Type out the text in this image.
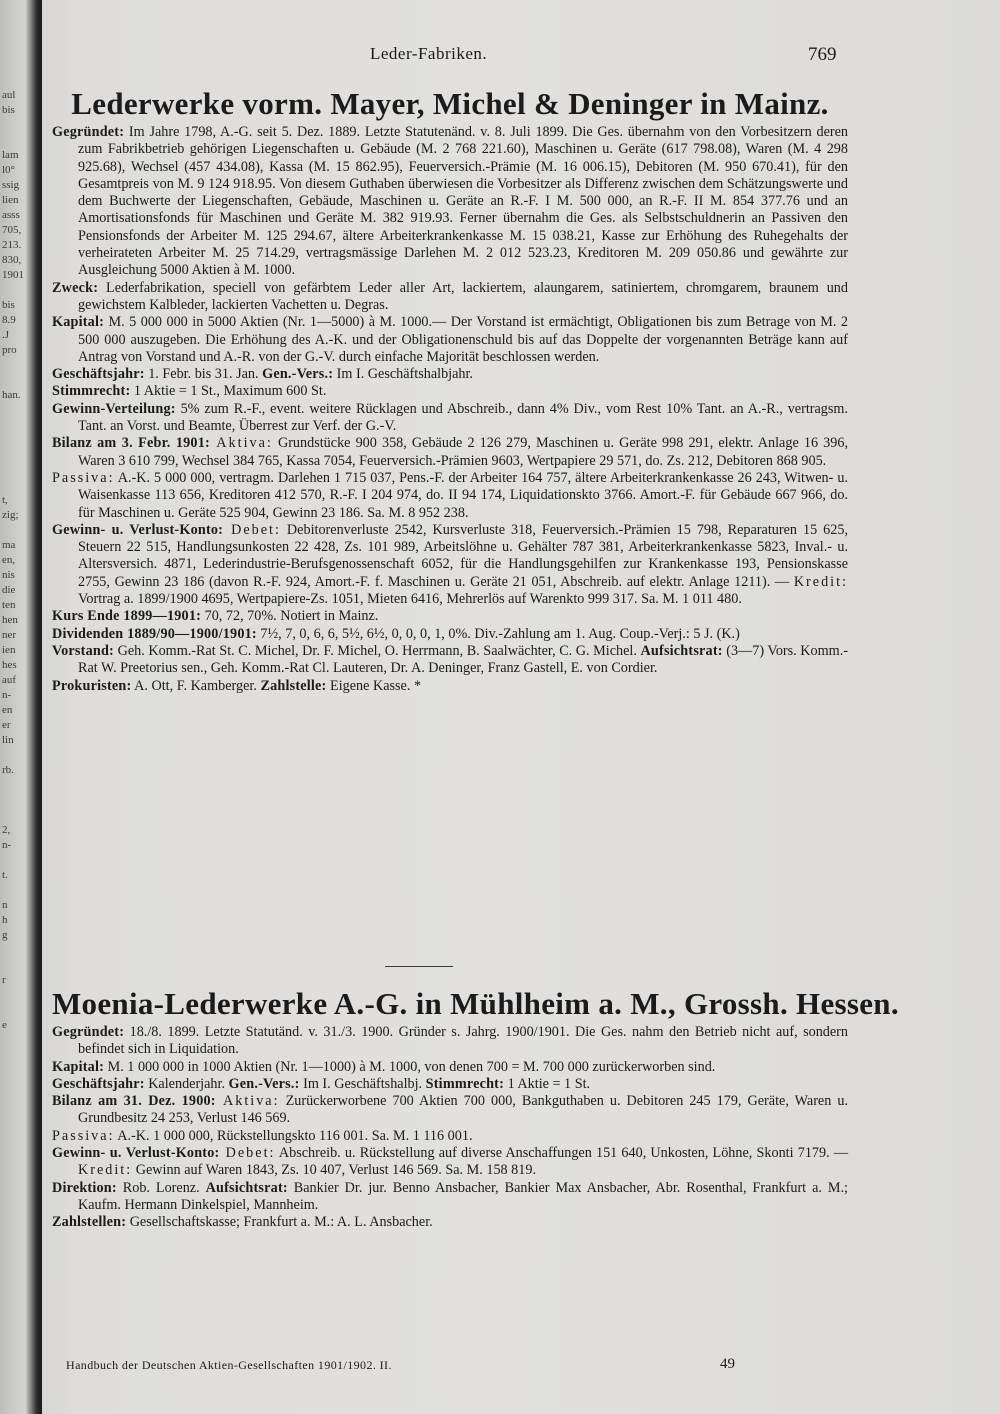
aul
bis

lam
l0°
ssig
lien
asss
705,
213.
830,
1901

bis
8.9
.J
pro

han.

t,
zig;

ma
en,
nis
die
ten
hen
ner
ien
hes
auf
n-
en
er
lin

rb.

2,
n-

t.

n
h
g

r

e
Leder-Fabriken.	769
Lederwerke vorm. Mayer, Michel & Deninger in Mainz.

Gegründet: Im Jahre 1798, A.-G. seit 5. Dez. 1889. Letzte Statutenänd. v. 8. Juli 1899. Die Ges. übernahm von den Vorbesitzern deren zum Fabrikbetrieb gehörigen Liegenschaften u. Gebäude (M. 2 768 221.60), Maschinen u. Geräte (617 798.08), Waren (M. 4 298 925.68), Wechsel (457 434.08), Kassa (M. 15 862.95), Feuerversich.-Prämie (M. 16 006.15), Debitoren (M. 950 670.41), für den Gesamtpreis von M. 9 124 918.95. Von diesem Guthaben überwiesen die Vorbesitzer als Differenz zwischen dem Schätzungswerte und dem Buchwerte der Liegenschaften, Gebäude, Maschinen u. Geräte an R.-F. I M. 500 000, an R.-F. II M. 854 377.76 und an Amortisationsfonds für Maschinen und Geräte M. 382 919.93. Ferner übernahm die Ges. als Selbstschuldnerin an Passiven den Pensionsfonds der Arbeiter M. 125 294.67, ältere Arbeiterkrankenkasse M. 15 038.21, Kasse zur Erhöhung des Ruhegehalts der verheirateten Arbeiter M. 25 714.29, vertragsmässige Darlehen M. 2 012 523.23, Kreditoren M. 209 050.86 und gewährte zur Ausgleichung 5000 Aktien à M. 1000.

Zweck: Lederfabrikation, speciell von gefärbtem Leder aller Art, lackiertem, alaungarem, satiniertem, chromgarem, braunem und gewichstem Kalbleder, lackierten Vachetten u. Degras.

Kapital: M. 5 000 000 in 5000 Aktien (Nr. 1—5000) à M. 1000.— Der Vorstand ist ermächtigt, Obligationen bis zum Betrage von M. 2 500 000 auszugeben. Die Erhöhung des A.-K. und der Obligationenschuld bis auf das Doppelte der vorgenannten Beträge kann auf Antrag von Vorstand und A.-R. von der G.-V. durch einfache Majorität beschlossen werden.

Geschäftsjahr: 1. Febr. bis 31. Jan. Gen.-Vers.: Im I. Geschäftshalbjahr.

Stimmrecht: 1 Aktie = 1 St., Maximum 600 St.

Gewinn-Verteilung: 5% zum R.-F., event. weitere Rücklagen und Abschreib., dann 4% Div., vom Rest 10% Tant. an A.-R., vertragsm. Tant. an Vorst. und Beamte, Überrest zur Verf. der G.-V.

Bilanz am 3. Febr. 1901: Aktiva: Grundstücke 900 358, Gebäude 2 126 279, Maschinen u. Geräte 998 291, elektr. Anlage 16 396, Waren 3 610 799, Wechsel 384 765, Kassa 7054, Feuerversich.-Prämien 9603, Wertpapiere 29 571, do. Zs. 212, Debitoren 868 905.

Passiva: A.-K. 5 000 000, vertragm. Darlehen 1 715 037, Pens.-F. der Arbeiter 164 757, ältere Arbeiterkrankenkasse 26 243, Witwen- u. Waisenkasse 113 656, Kreditoren 412 570, R.-F. I 204 974, do. II 94 174, Liquidationskto 3766. Amort.-F. für Gebäude 667 966, do. für Maschinen u. Geräte 525 904, Gewinn 23 186. Sa. M. 8 952 238.

Gewinn- u. Verlust-Konto: Debet: Debitorenverluste 2542, Kursverluste 318, Feuerversich.-Prämien 15 798, Reparaturen 15 625, Steuern 22 515, Handlungsunkosten 22 428, Zs. 101 989, Arbeitslöhne u. Gehälter 787 381, Arbeiterkrankenkasse 5823, Inval.- u. Altersversich. 4871, Lederindustrie-Berufsgenossenschaft 6052, für die Handlungsgehilfen zur Krankenkasse 193, Pensionskasse 2755, Gewinn 23 186 (davon R.-F. 924, Amort.-F. f. Maschinen u. Geräte 21 051, Abschreib. auf elektr. Anlage 1211). — Kredit: Vortrag a. 1899/1900 4695, Wertpapiere-Zs. 1051, Mieten 6416, Mehrerlös auf Warenkto 999 317. Sa. M. 1 011 480.

Kurs Ende 1899—1901: 70, 72, 70%. Notiert in Mainz.

Dividenden 1889/90—1900/1901: 7½, 7, 0, 6, 6, 5½, 6½, 0, 0, 0, 1, 0%. Div.-Zahlung am 1. Aug. Coup.-Verj.: 5 J. (K.)

Vorstand: Geh. Komm.-Rat St. C. Michel, Dr. F. Michel, O. Herrmann, B. Saalwächter, C. G. Michel. Aufsichtsrat: (3—7) Vors. Komm.-Rat W. Preetorius sen., Geh. Komm.-Rat Cl. Lauteren, Dr. A. Deninger, Franz Gastell, E. von Cordier.

Prokuristen: A. Ott, F. Kamberger. Zahlstelle: Eigene Kasse. *

Moenia-Lederwerke A.-G. in Mühlheim a. M., Grossh. Hessen.

Gegründet: 18./8. 1899. Letzte Statutänd. v. 31./3. 1900. Gründer s. Jahrg. 1900/1901. Die Ges. nahm den Betrieb nicht auf, sondern befindet sich in Liquidation.

Kapital: M. 1 000 000 in 1000 Aktien (Nr. 1—1000) à M. 1000, von denen 700 = M. 700 000 zurückerworben sind.

Geschäftsjahr: Kalenderjahr. Gen.-Vers.: Im I. Geschäftshalbj. Stimmrecht: 1 Aktie = 1 St.

Bilanz am 31. Dez. 1900: Aktiva: Zurückerworbene 700 Aktien 700 000, Bankguthaben u. Debitoren 245 179, Geräte, Waren u. Grundbesitz 24 253, Verlust 146 569.

Passiva: A.-K. 1 000 000, Rückstellungskto 116 001. Sa. M. 1 116 001.

Gewinn- u. Verlust-Konto: Debet: Abschreib. u. Rückstellung auf diverse Anschaffungen 151 640, Unkosten, Löhne, Skonti 7179. — Kredit: Gewinn auf Waren 1843, Zs. 10 407, Verlust 146 569. Sa. M. 158 819.

Direktion: Rob. Lorenz. Aufsichtsrat: Bankier Dr. jur. Benno Ansbacher, Bankier Max Ansbacher, Abr. Rosenthal, Frankfurt a. M.; Kaufm. Hermann Dinkelspiel, Mannheim.

Zahlstellen: Gesellschaftskasse; Frankfurt a. M.: A. L. Ansbacher.

Handbuch der Deutschen Aktien-Gesellschaften 1901/1902. II.	49
